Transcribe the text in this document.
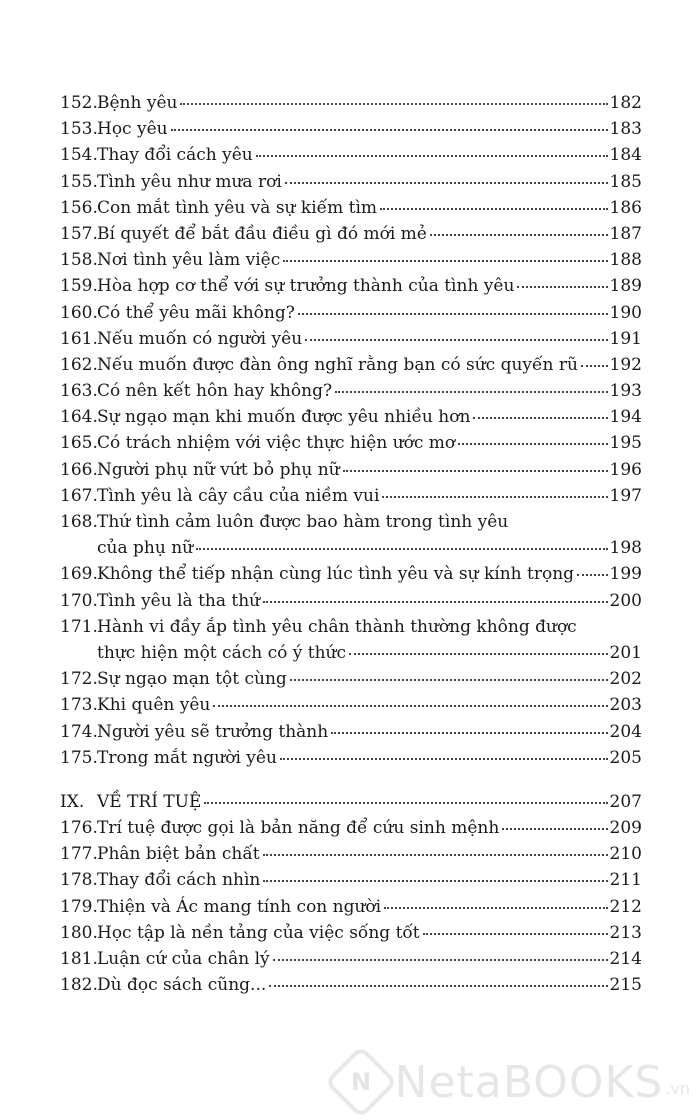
152. Bệnh yêu	182
153. Học yêu	183
154. Thay đổi cách yêu	184
155. Tình yêu như mưa rơi	185
156. Con mắt tình yêu và sự kiếm tìm	186
157. Bí quyết để bắt đầu điều gì đó mới mẻ	187
158. Nơi tình yêu làm việc	188
159. Hòa hợp cơ thể với sự trưởng thành của tình yêu	189
160. Có thể yêu mãi không?	190
161. Nếu muốn có người yêu	191
162. Nếu muốn được đàn ông nghĩ rằng bạn có sức quyến rũ 192
163. Có nên kết hôn hay không?	193
164. Sự ngạo mạn khi muốn được yêu nhiều hơn	194
165. Có trách nhiệm với việc thực hiện ước mơ	195
166. Người phụ nữ vứt bỏ phụ nữ	196
167. Tình yêu là cây cầu của niềm vui	197
168. Thứ tình cảm luôn được bao hàm trong tình yêu
của phụ nữ	198
169. Không thể tiếp nhận cùng lúc tình yêu và sự kính trọng 199
170. Tình yêu là tha thứ	200
171. Hành vi đầy ắp tình yêu chân thành thường không được
thực hiện một cách có ý thức	201
172. Sự ngạo mạn tột cùng	202
173. Khi quên yêu	203
174. Người yêu sẽ trưởng thành	204
175. Trong mắt người yêu	205
IX. VỀ TRÍ TUỆ	207
176. Trí tuệ được gọi là bản năng để cứu sinh mệnh	209
177. Phân biệt bản chất	210
178. Thay đổi cách nhìn	211
179. Thiện và Ác mang tính con người	212
180. Học tập là nền tảng của việc sống tốt	213
181. Luận cứ của chân lý	214
182. Dù đọc sách cũng...	215
N NetaBOOKS .vn
